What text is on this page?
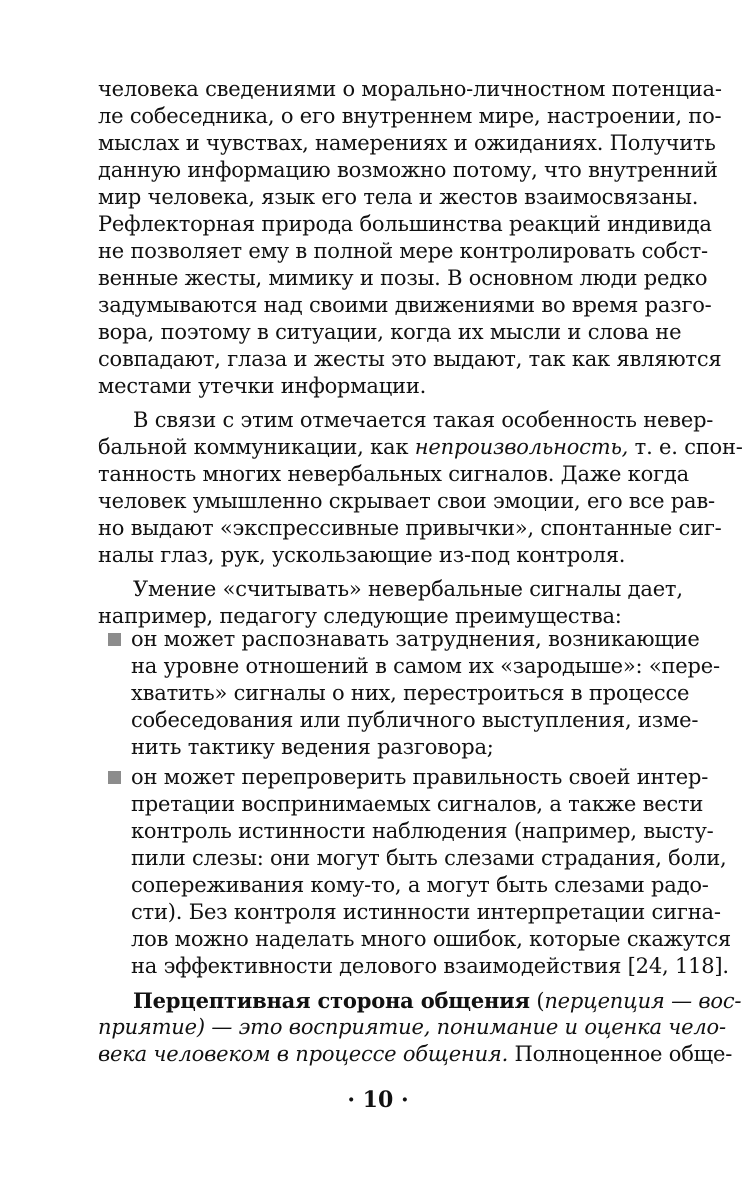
человека сведениями о морально-личностном потенциа-
ле собеседника, о его внутреннем мире, настроении, по-
мыслах и чувствах, намерениях и ожиданиях. Получить
данную информацию возможно потому, что внутренний
мир человека, язык его тела и жестов взаимосвязаны.
Рефлекторная природа большинства реакций индивида
не позволяет ему в полной мере контролировать собст-
венные жесты, мимику и позы. В основном люди редко
задумываются над своими движениями во время разго-
вора, поэтому в ситуации, когда их мысли и слова не
совпадают, глаза и жесты это выдают, так как являются
местами утечки информации.
В связи с этим отмечается такая особенность невер-
бальной коммуникации, как непроизвольность, т. е. спон-
танность многих невербальных сигналов. Даже когда
человек умышленно скрывает свои эмоции, его все рав-
но выдают «экспрессивные привычки», спонтанные сиг-
налы глаз, рук, ускользающие из-под контроля.
Умение «считывать» невербальные сигналы дает,
например, педагогу следующие преимущества:
он может распознавать затруднения, возникающие
на уровне отношений в самом их «зародыше»: «пере-
хватить» сигналы о них, перестроиться в процессе
собеседования или публичного выступления, изме-
нить тактику ведения разговора;
он может перепроверить правильность своей интер-
претации воспринимаемых сигналов, а также вести
контроль истинности наблюдения (например, высту-
пили слезы: они могут быть слезами страдания, боли,
сопереживания кому-то, а могут быть слезами радо-
сти). Без контроля истинности интерпретации сигна-
лов можно наделать много ошибок, которые скажутся
на эффективности делового взаимодействия [24, 118].
Перцептивная сторона общения (перцепция — вос-
приятие) — это восприятие, понимание и оценка чело-
века человеком в процессе общения. Полноценное обще-
· 10 ·
